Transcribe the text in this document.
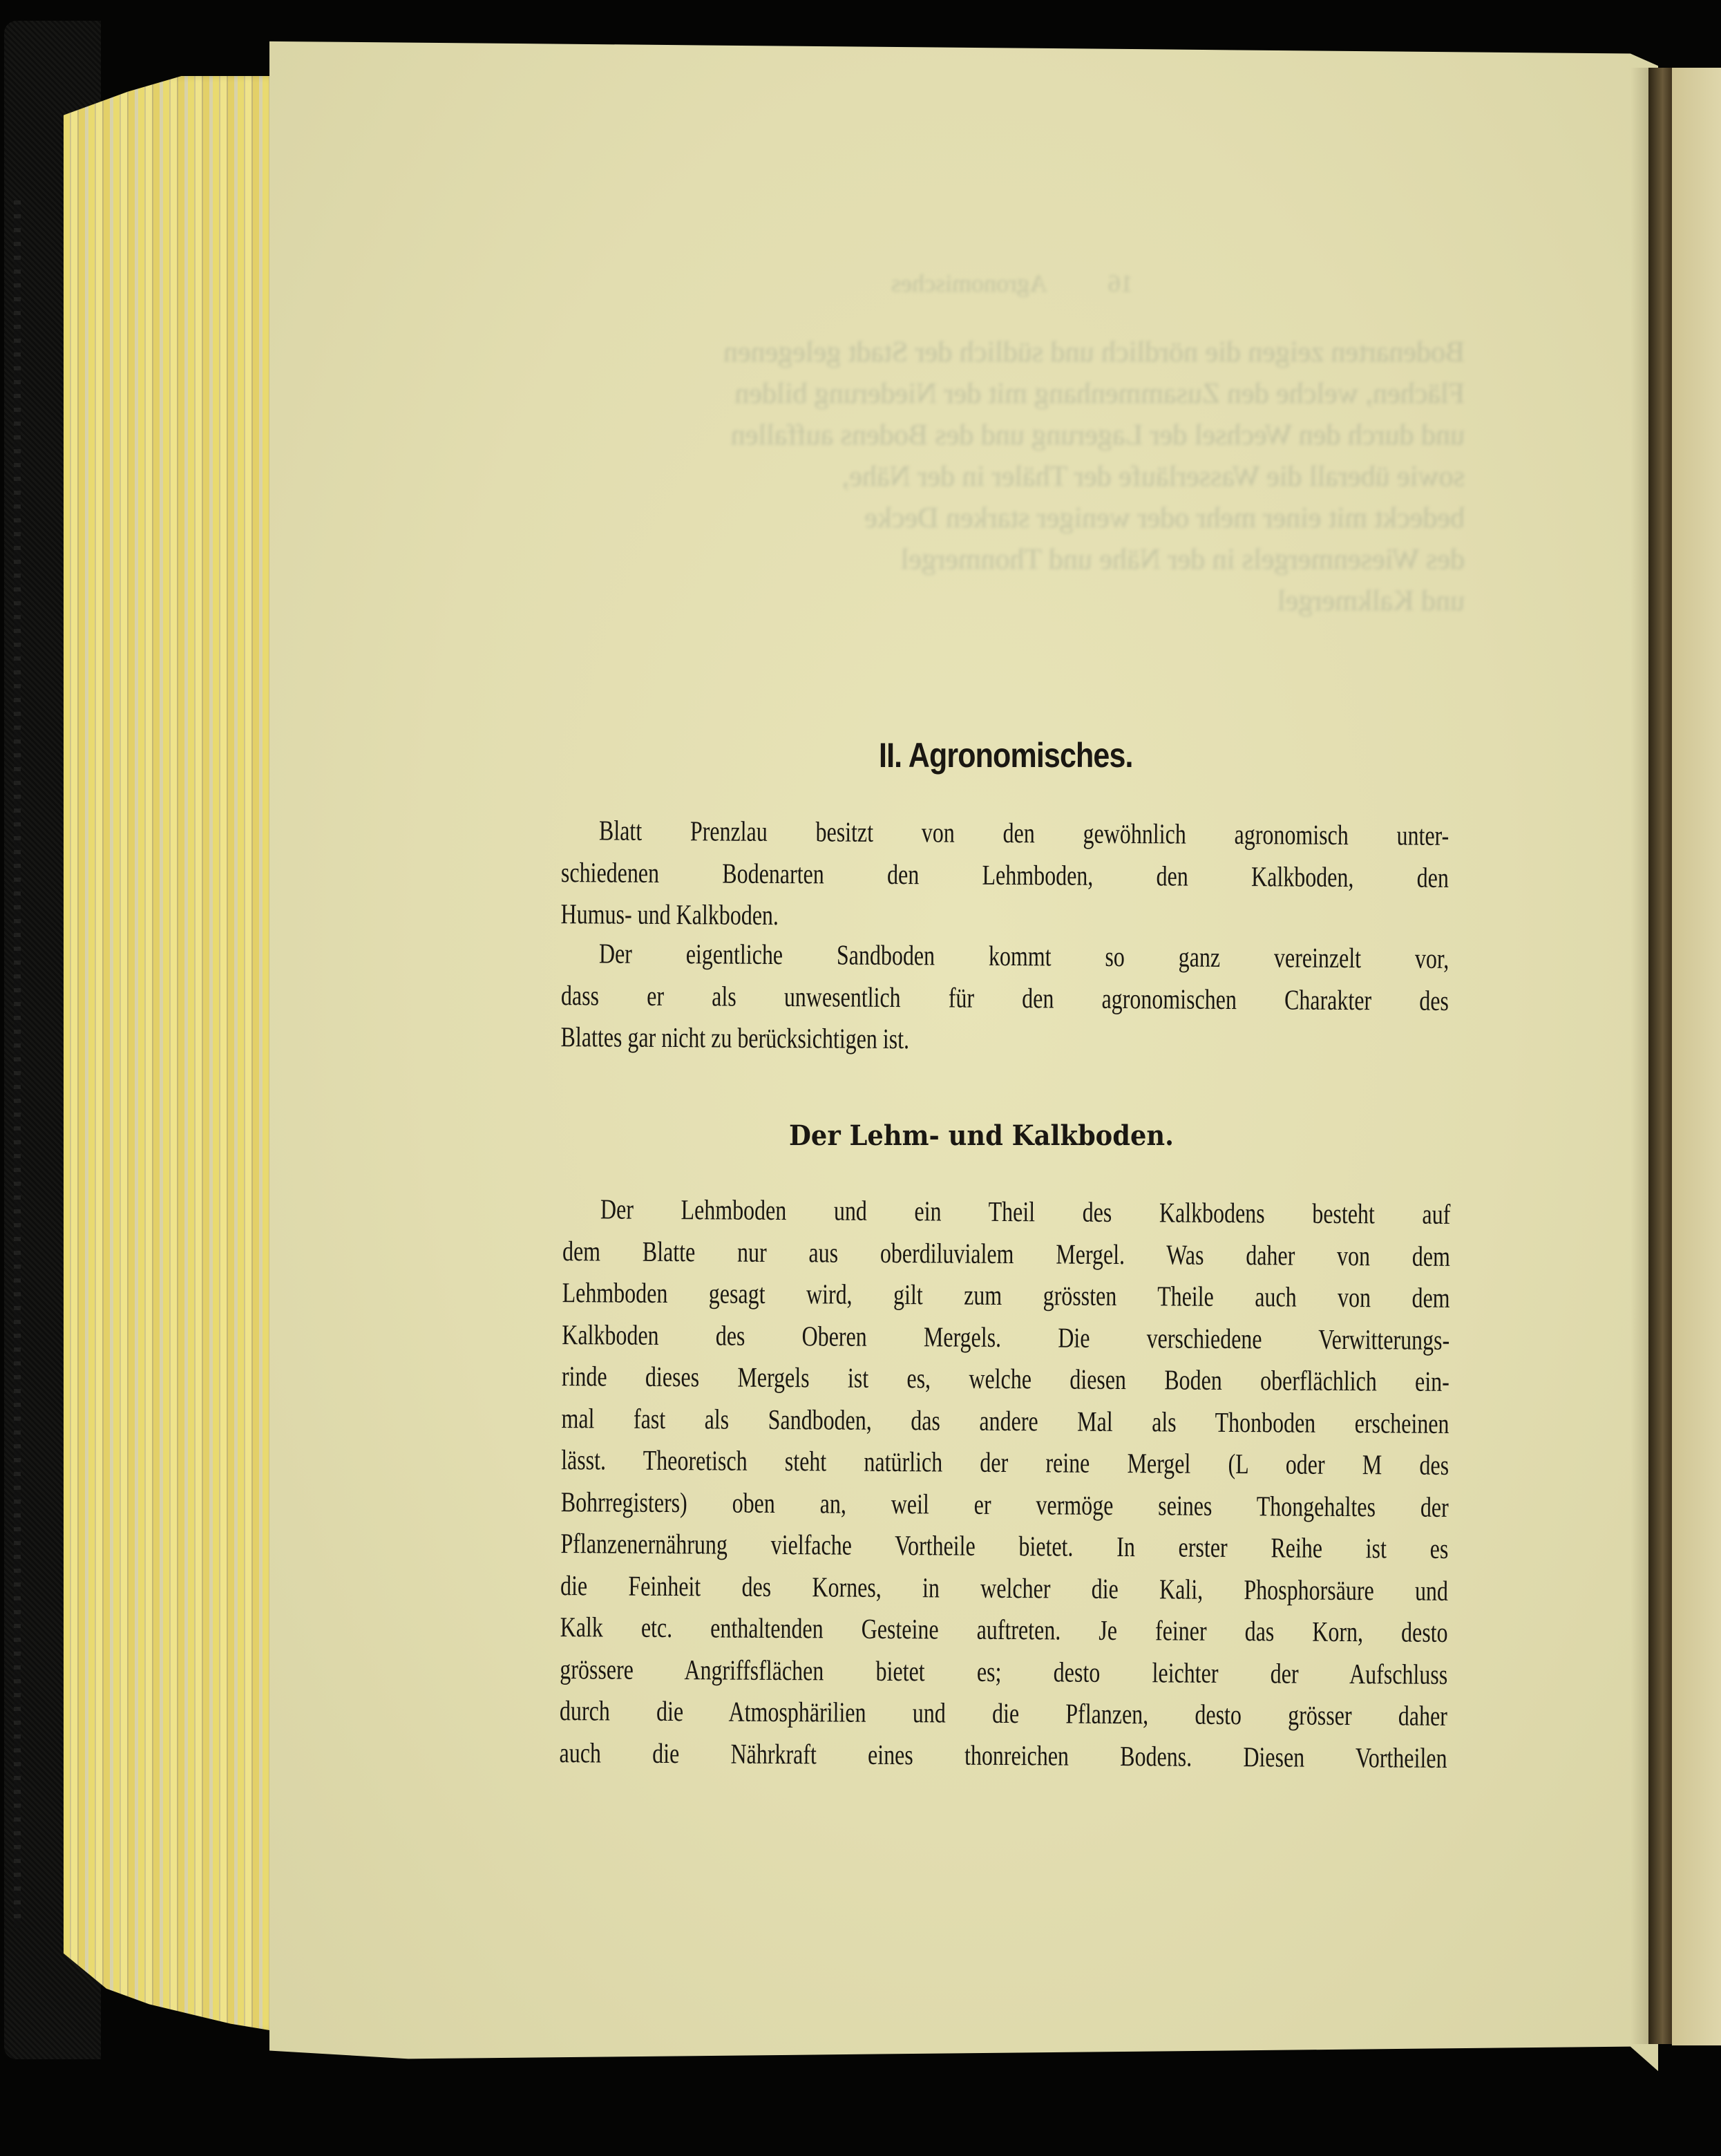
16          Agronomisches
Bodenarten zeigen die nördlich und südlich der Stadt gelegenen
Flächen, welche den Zusammenhang mit der Niederung bilden
und durch den Wechsel der Lagerung und des Bodens auffallen
sowie überall die Wasserläufe der Thäler in der Nähe,
bedeckt mit einer mehr oder weniger starken Decke
des Wiesenmergels in der Nähe und Thonmergel
und Kalkmergel
II. Agronomisches.
Blatt Prenzlau besitzt von den gewöhnlich agronomisch unter-
schiedenen Bodenarten den Lehmboden, den Kalkboden, den
Humus- und Kalkboden.
Der eigentliche Sandboden kommt so ganz vereinzelt vor,
dass er als unwesentlich für den agronomischen Charakter des
Blattes gar nicht zu berücksichtigen ist.
Der Lehm- und Kalkboden.
Der Lehmboden und ein Theil des Kalkbodens besteht auf
dem Blatte nur aus oberdiluvialem Mergel. Was daher von dem
Lehmboden gesagt wird, gilt zum grössten Theile auch von dem
Kalkboden des Oberen Mergels. Die verschiedene Verwitterungs-
rinde dieses Mergels ist es, welche diesen Boden oberflächlich ein-
mal fast als Sandboden, das andere Mal als Thonboden erscheinen
lässt. Theoretisch steht natürlich der reine Mergel (L oder M des
Bohrregisters) oben an, weil er vermöge seines Thongehaltes der
Pflanzenernährung vielfache Vortheile bietet. In erster Reihe ist es
die Feinheit des Kornes, in welcher die Kali, Phosphorsäure und
Kalk etc. enthaltenden Gesteine auftreten. Je feiner das Korn, desto
grössere Angriffsflächen bietet es; desto leichter der Aufschluss
durch die Atmosphärilien und die Pflanzen, desto grösser daher
auch die Nährkraft eines thonreichen Bodens. Diesen Vortheilen
